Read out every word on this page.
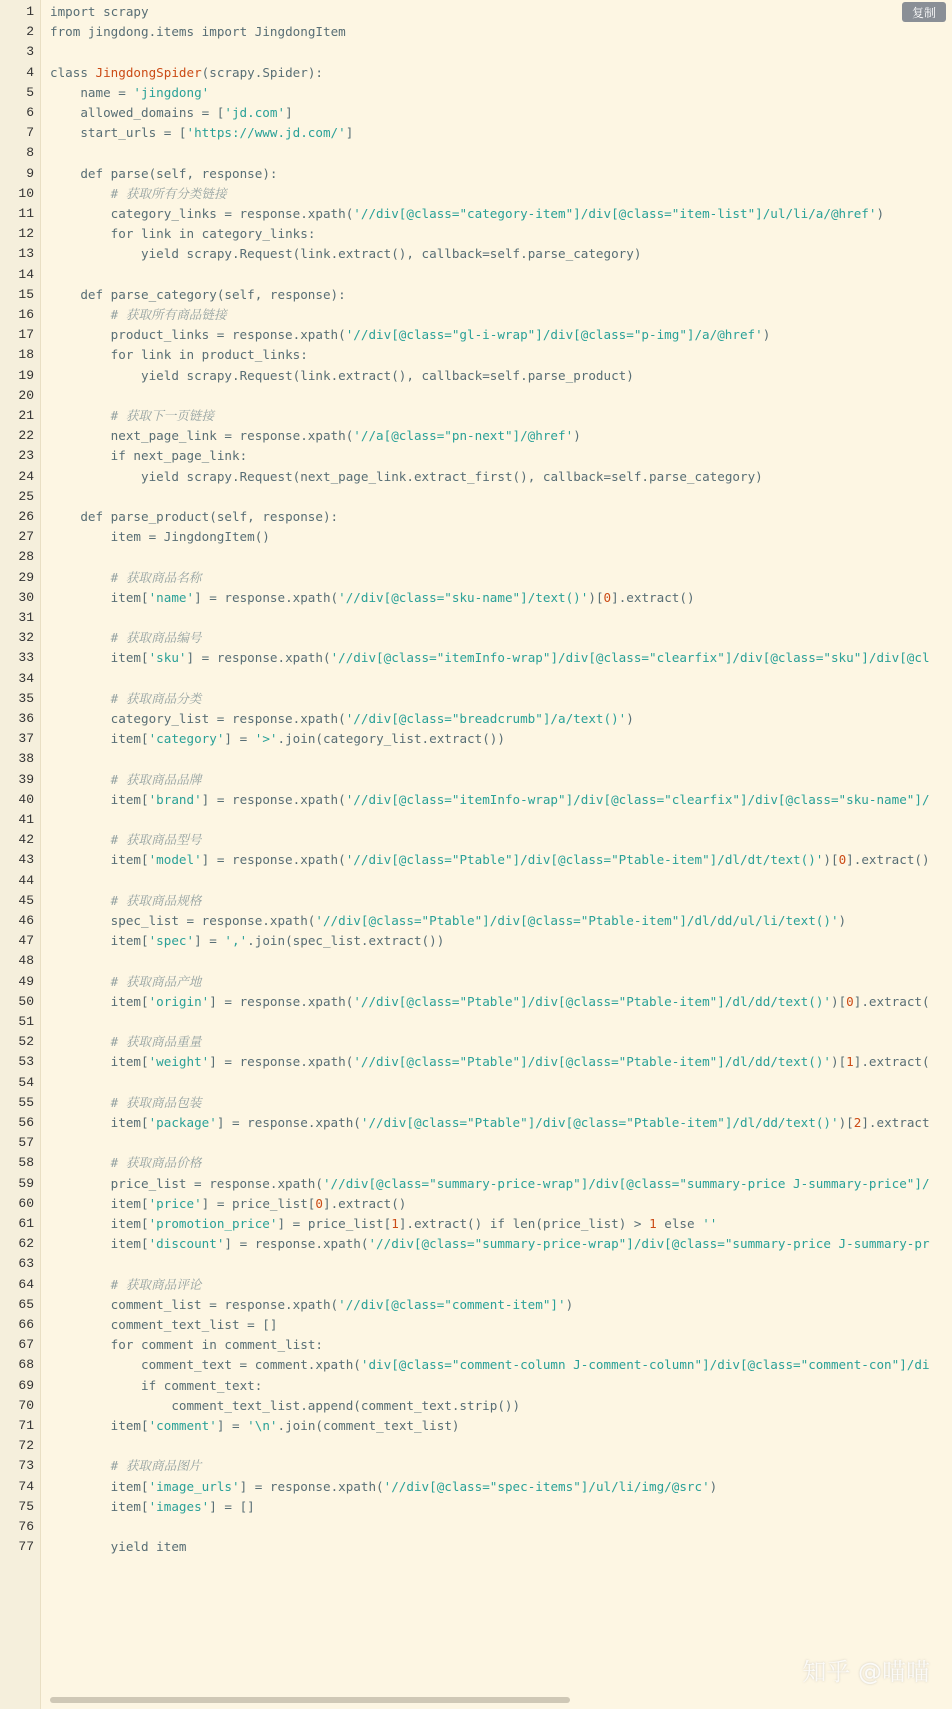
1 import scrapy
2 from jingdong.items import JingdongItem
3
4 class JingdongSpider(scrapy.Spider):
5 name = 'jingdong'
6 allowed_domains = ['jd.com']
7 start_urls = ['https://www.jd.com/']
8
9	def parse(self, response):
10	# 获取所有分类链接
11 category_links = response.xpath('//div[@class="category-item"]/div[@class="item-list"]/ul/li/a/@href')
12	for link in category_links:
13	yield scrapy.Request(link.extract(), callback=self.parse_category)
14
15	def parse_category(self, response):
16	# 获取所有商品链接
17 product_links = response.xpath('//div[@class="gl-i-wrap"]/div[@class="p-img"]/a/@href')
18	for link in product_links:
19	yield scrapy.Request(link.extract(), callback=self.parse_product)
20
21	# 获取下一页链接
22 next_page_link = response.xpath('//a[@class="pn-next"]/@href')
23	if next_page_link:
24	yield scrapy.Request(next_page_link.extract_first(), callback=self.parse_category)
25
26	def parse_product(self, response):
27 item = JingdongItem()
28
29	# 获取商品名称
30 item['name'] = response.xpath('//div[@class="sku-name"]/text()')[0].extract()
31
32	# 获取商品编号
33 item['sku'] = response.xpath('//div[@class="itemInfo-wrap"]/div[@class="clearfix"]/div[@class="sku"]/div[@cl
34
35	# 获取商品分类
36 category_list = response.xpath('//div[@class="breadcrumb"]/a/text()')
37 item['category'] = '>'.join(category_list.extract())
38
39	# 获取商品品牌
40 item['brand'] = response.xpath('//div[@class="itemInfo-wrap"]/div[@class="clearfix"]/div[@class="sku-name"]/
41
42	# 获取商品型号
43 item['model'] = response.xpath('//div[@class="Ptable"]/div[@class="Ptable-item"]/dl/dt/text()')[0].extract()
44
45	# 获取商品规格
46 spec_list = response.xpath('//div[@class="Ptable"]/div[@class="Ptable-item"]/dl/dd/ul/li/text()')
47 item['spec'] = ','.join(spec_list.extract())
48
49	# 获取商品产地
50 item['origin'] = response.xpath('//div[@class="Ptable"]/div[@class="Ptable-item"]/dl/dd/text()')[0].extract(
51
52	# 获取商品重量
53 item['weight'] = response.xpath('//div[@class="Ptable"]/div[@class="Ptable-item"]/dl/dd/text()')[1].extract(
54
55	# 获取商品包装
56 item['package'] = response.xpath('//div[@class="Ptable"]/div[@class="Ptable-item"]/dl/dd/text()')[2].extract
57
58	# 获取商品价格
59 price_list = response.xpath('//div[@class="summary-price-wrap"]/div[@class="summary-price J-summary-price"]/
60 item['price'] = price_list[0].extract()
61 item['promotion_price'] = price_list[1].extract() if len(price_list) > 1 else ''
62 item['discount'] = response.xpath('//div[@class="summary-price-wrap"]/div[@class="summary-price J-summary-pr
63
64	# 获取商品评论
65 comment_list = response.xpath('//div[@class="comment-item"]')
66 comment_text_list = []
67	for comment in comment_list:
68 comment_text = comment.xpath('div[@class="comment-column J-comment-column"]/div[@class="comment-con"]/di
69	if comment_text:
70 comment_text_list.append(comment_text.strip())
71 item['comment'] = '\n'.join(comment_text_list)
72
73	# 获取商品图片
74 item['image_urls'] = response.xpath('//div[@class="spec-items"]/ul/li/img/@src')
75 item['images'] = []
76
77	yield item
复制
知乎 @喵喵
